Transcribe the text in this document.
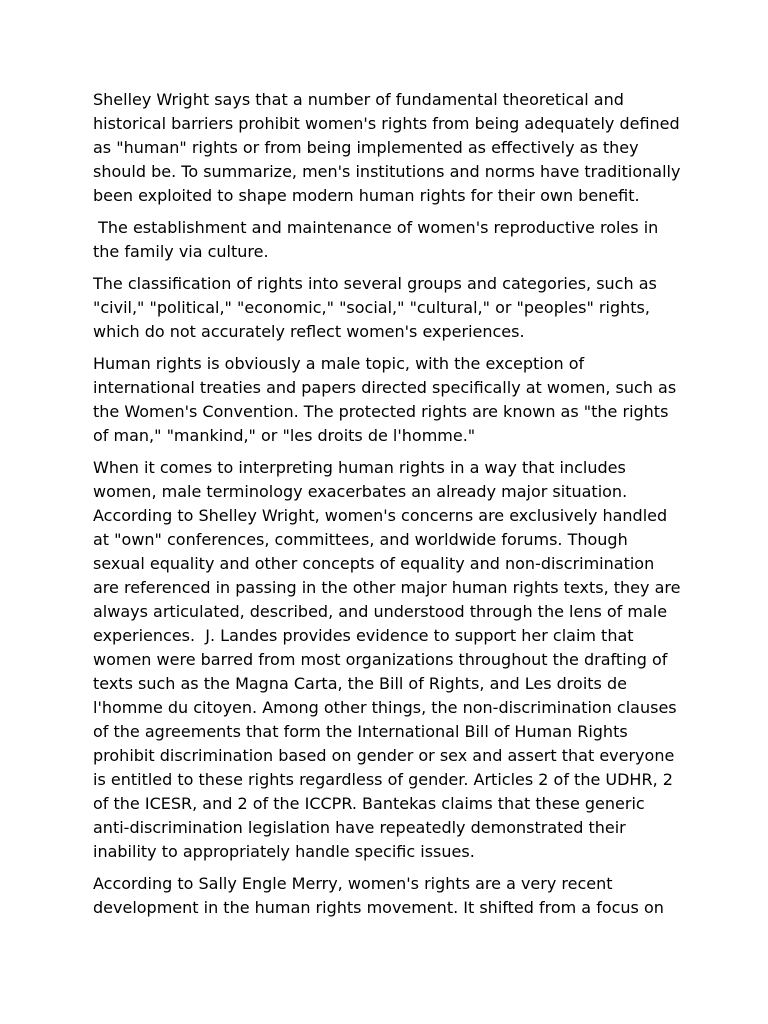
Shelley Wright says that a number of fundamental theoretical and historical barriers prohibit women's rights from being adequately defined as "human" rights or from being implemented as effectively as they should be. To summarize, men's institutions and norms have traditionally been exploited to shape modern human rights for their own benefit.

The establishment and maintenance of women's reproductive roles in the family via culture.

The classification of rights into several groups and categories, such as "civil," "political," "economic," "social," "cultural," or "peoples" rights, which do not accurately reflect women's experiences.

Human rights is obviously a male topic, with the exception of international treaties and papers directed specifically at women, such as the Women's Convention. The protected rights are known as "the rights of man," "mankind," or "les droits de l'homme."

When it comes to interpreting human rights in a way that includes women, male terminology exacerbates an already major situation. According to Shelley Wright, women's concerns are exclusively handled at "own" conferences, committees, and worldwide forums. Though sexual equality and other concepts of equality and non-discrimination are referenced in passing in the other major human rights texts, they are always articulated, described, and understood through the lens of male experiences.  J. Landes provides evidence to support her claim that women were barred from most organizations throughout the drafting of texts such as the Magna Carta, the Bill of Rights, and Les droits de l'homme du citoyen. Among other things, the non-discrimination clauses of the agreements that form the International Bill of Human Rights prohibit discrimination based on gender or sex and assert that everyone is entitled to these rights regardless of gender. Articles 2 of the UDHR, 2 of the ICESR, and 2 of the ICCPR. Bantekas claims that these generic anti-discrimination legislation have repeatedly demonstrated their inability to appropriately handle specific issues.

According to Sally Engle Merry, women's rights are a very recent development in the human rights movement. It shifted from a focus on
